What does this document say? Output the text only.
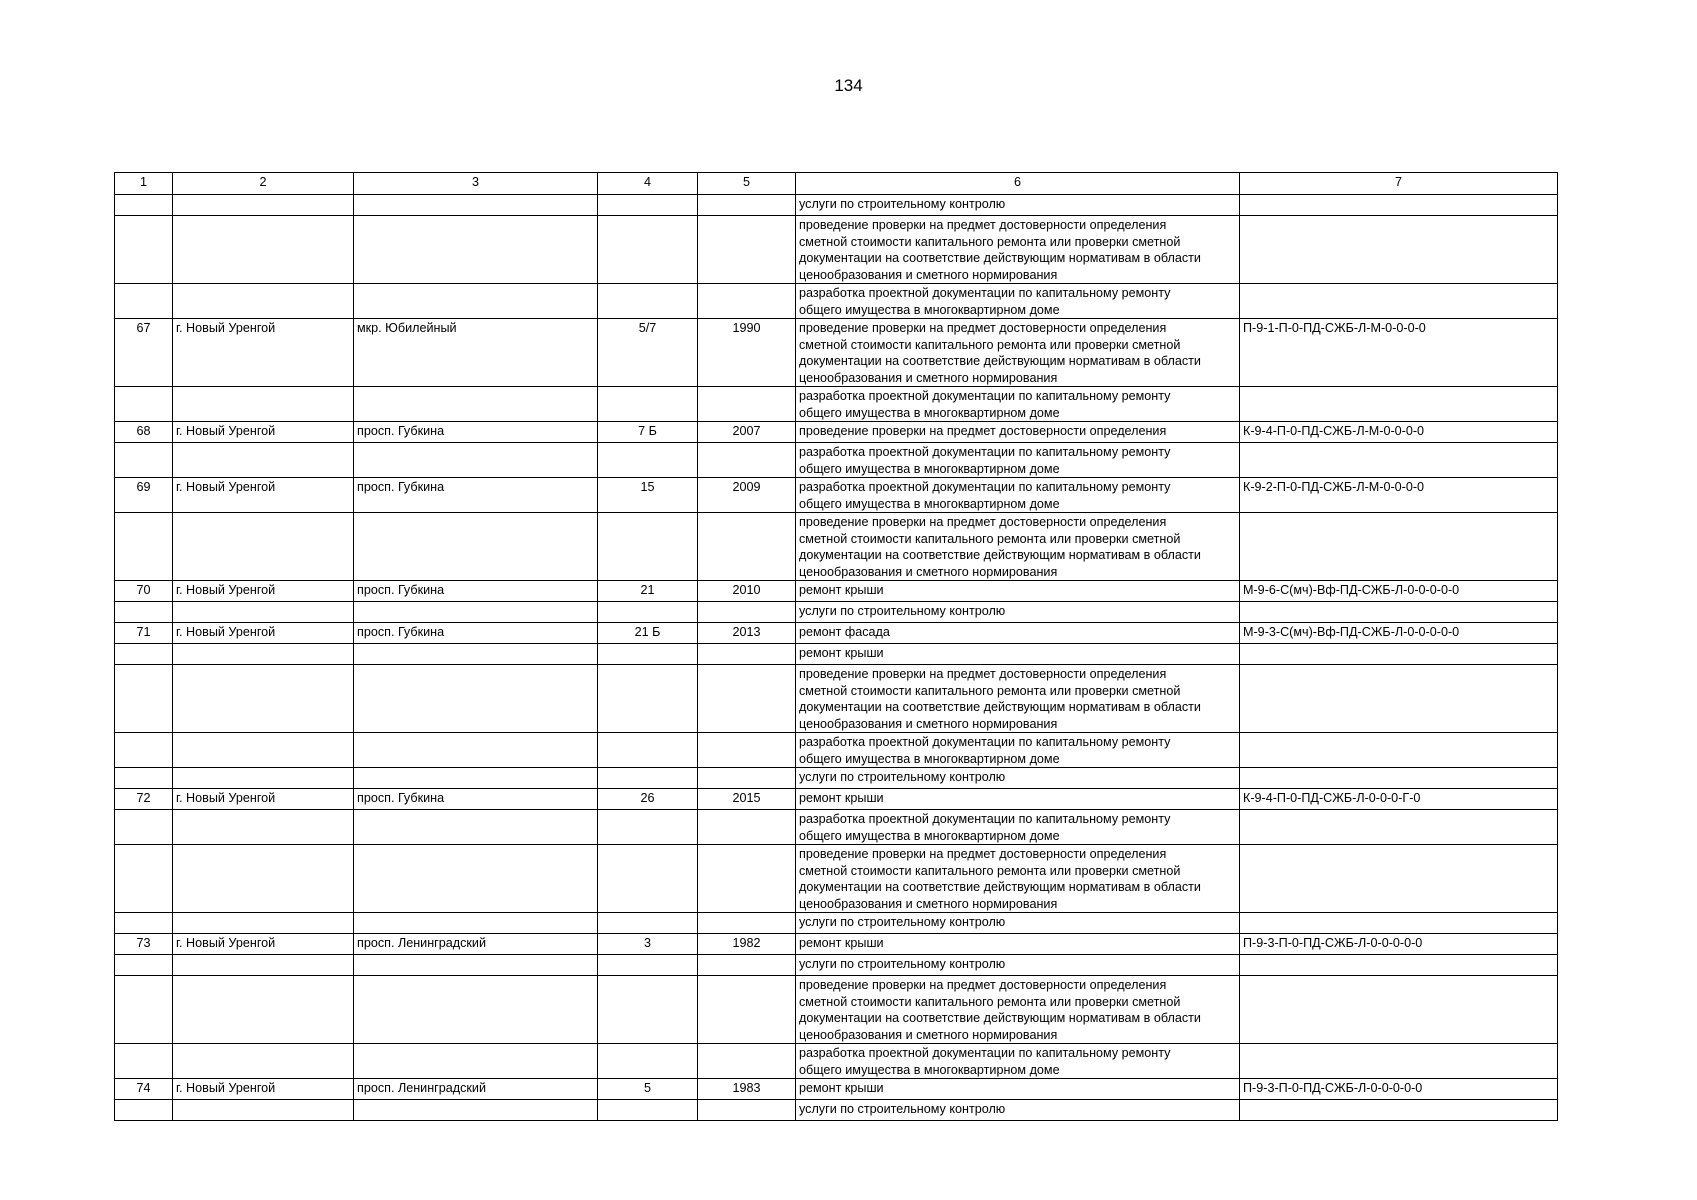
134
1	2	3	4	5	6	7
					услуги по строительному контролю	
					проведение проверки на предмет достоверности определения
сметной стоимости капитального ремонта или проверки сметной
документации на соответствие действующим нормативам в области
ценообразования и сметного нормирования	
					разработка проектной документации по капитальному ремонту
общего имущества в многоквартирном доме	
67	г. Новый Уренгой	мкр. Юбилейный	5/7	1990	проведение проверки на предмет достоверности определения
сметной стоимости капитального ремонта или проверки сметной
документации на соответствие действующим нормативам в области
ценообразования и сметного нормирования	П-9-1-П-0-ПД-СЖБ-Л-М-0-0-0-0
					разработка проектной документации по капитальному ремонту
общего имущества в многоквартирном доме	
68	г. Новый Уренгой	просп. Губкина	7 Б	2007	проведение проверки на предмет достоверности определения	К-9-4-П-0-ПД-СЖБ-Л-М-0-0-0-0
					разработка проектной документации по капитальному ремонту
общего имущества в многоквартирном доме	
69	г. Новый Уренгой	просп. Губкина	15	2009	разработка проектной документации по капитальному ремонту
общего имущества в многоквартирном доме	К-9-2-П-0-ПД-СЖБ-Л-М-0-0-0-0
					проведение проверки на предмет достоверности определения
сметной стоимости капитального ремонта или проверки сметной
документации на соответствие действующим нормативам в области
ценообразования и сметного нормирования	
70	г. Новый Уренгой	просп. Губкина	21	2010	ремонт крыши	М-9-6-С(мч)-Вф-ПД-СЖБ-Л-0-0-0-0-0
					услуги по строительному контролю	
71	г. Новый Уренгой	просп. Губкина	21 Б	2013	ремонт фасада	М-9-3-С(мч)-Вф-ПД-СЖБ-Л-0-0-0-0-0
					ремонт крыши	
					проведение проверки на предмет достоверности определения
сметной стоимости капитального ремонта или проверки сметной
документации на соответствие действующим нормативам в области
ценообразования и сметного нормирования	
					разработка проектной документации по капитальному ремонту
общего имущества в многоквартирном доме	
					услуги по строительному контролю	
72	г. Новый Уренгой	просп. Губкина	26	2015	ремонт крыши	К-9-4-П-0-ПД-СЖБ-Л-0-0-0-Г-0
					разработка проектной документации по капитальному ремонту
общего имущества в многоквартирном доме	
					проведение проверки на предмет достоверности определения
сметной стоимости капитального ремонта или проверки сметной
документации на соответствие действующим нормативам в области
ценообразования и сметного нормирования	
					услуги по строительному контролю	
73	г. Новый Уренгой	просп. Ленинградский	3	1982	ремонт крыши	П-9-3-П-0-ПД-СЖБ-Л-0-0-0-0-0
					услуги по строительному контролю	
					проведение проверки на предмет достоверности определения
сметной стоимости капитального ремонта или проверки сметной
документации на соответствие действующим нормативам в области
ценообразования и сметного нормирования	
					разработка проектной документации по капитальному ремонту
общего имущества в многоквартирном доме	
74	г. Новый Уренгой	просп. Ленинградский	5	1983	ремонт крыши	П-9-3-П-0-ПД-СЖБ-Л-0-0-0-0-0
					услуги по строительному контролю	
